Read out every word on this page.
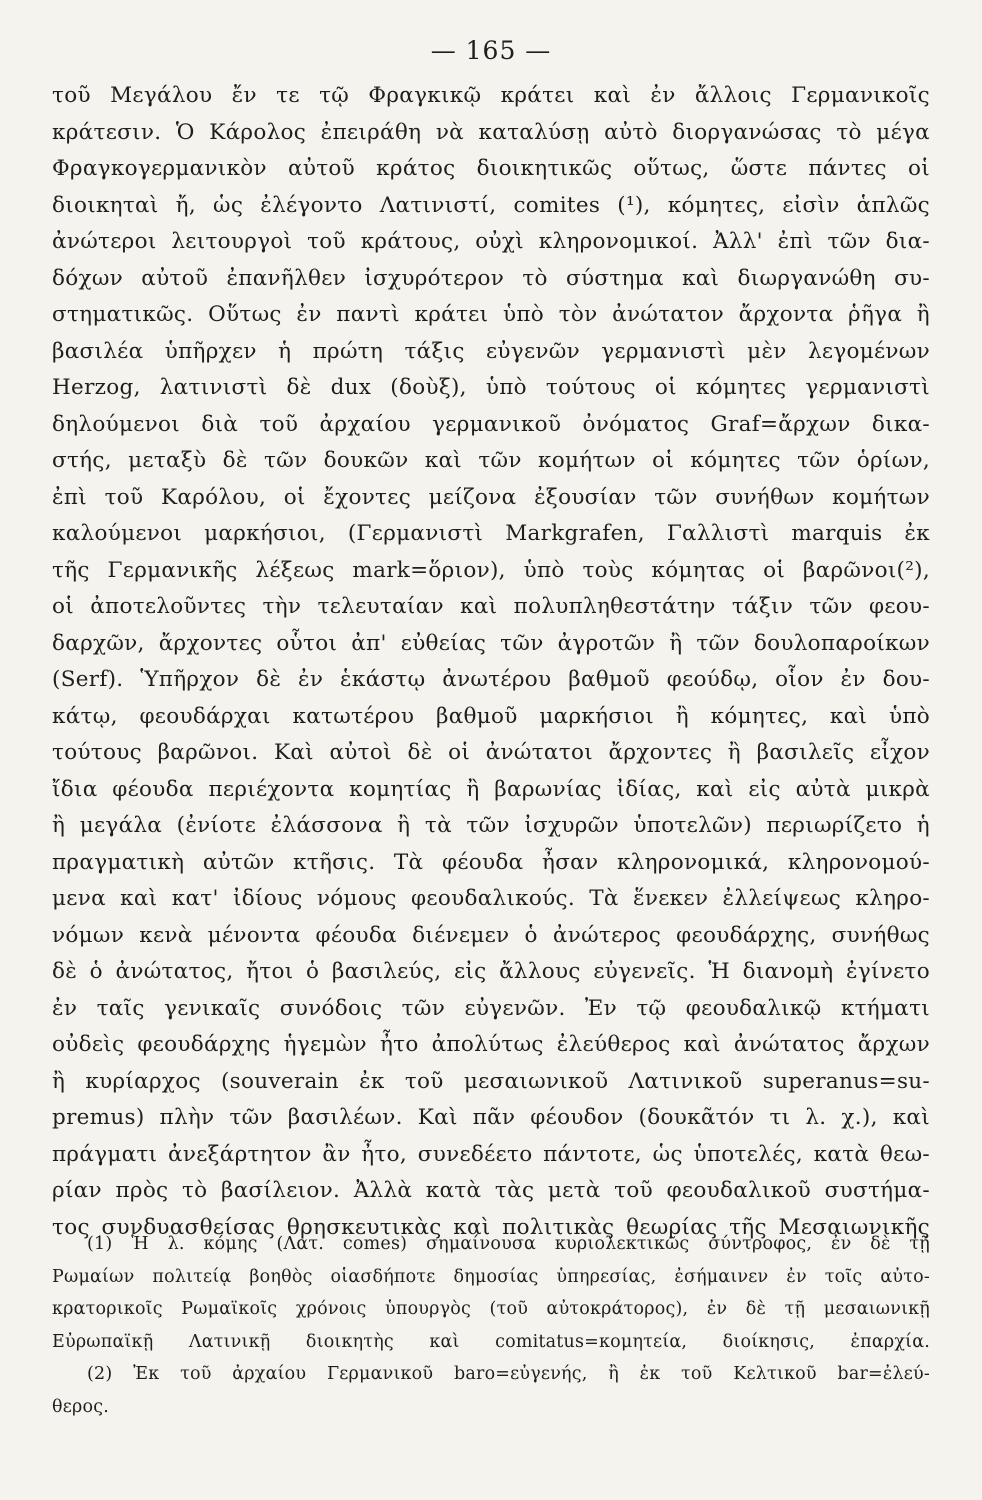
— 165 —
τοῦ Μεγάλου ἔν τε τῷ Φραγκικῷ κράτει καὶ ἐν ἄλλοις Γερμανικοῖς
κράτεσιν. Ὁ Κάρολος ἐπειράθη νὰ καταλύσῃ αὐτὸ διοργανώσας τὸ μέγα
Φραγκογερμανικὸν αὐτοῦ κράτος διοικητικῶς οὕτως, ὥστε πάντες οἱ
διοικηταὶ ἤ, ὡς ἐλέγοντο Λατινιστί, comites (¹), κόμητες, εἰσὶν ἁπλῶς
ἀνώτεροι λειτουργοὶ τοῦ κράτους, οὐχὶ κληρονομικοί. Ἀλλ' ἐπὶ τῶν δια-
δόχων αὐτοῦ ἐπανῆλθεν ἰσχυρότερον τὸ σύστημα καὶ διωργανώθη συ-
στηματικῶς. Οὕτως ἐν παντὶ κράτει ὑπὸ τὸν ἀνώτατον ἄρχοντα ῥῆγα ἢ
βασιλέα ὑπῆρχεν ἡ πρώτη τάξις εὐγενῶν γερμανιστὶ μὲν λεγομένων
Herzog, λατινιστὶ δὲ dux (δοὺξ), ὑπὸ τούτους οἱ κόμητες γερμανιστὶ
δηλούμενοι διὰ τοῦ ἀρχαίου γερμανικοῦ ὀνόματος Graf=ἄρχων δικα-
στής, μεταξὺ δὲ τῶν δουκῶν καὶ τῶν κομήτων οἱ κόμητες τῶν ὁρίων,
ἐπὶ τοῦ Καρόλου, οἱ ἔχοντες μείζονα ἐξουσίαν τῶν συνήθων κομήτων
καλούμενοι μαρκήσιοι, (Γερμανιστὶ Markgrafen, Γαλλιστὶ marquis ἐκ
τῆς Γερμανικῆς λέξεως mark=ὅριον), ὑπὸ τοὺς κόμητας οἱ βαρῶνοι(²),
οἱ ἀποτελοῦντες τὴν τελευταίαν καὶ πολυπληθεστάτην τάξιν τῶν φεου-
δαρχῶν, ἄρχοντες οὗτοι ἀπ' εὐθείας τῶν ἀγροτῶν ἢ τῶν δουλοπαροίκων
(Serf). Ὑπῆρχον δὲ ἐν ἑκάστῳ ἀνωτέρου βαθμοῦ φεούδῳ, οἷον ἐν δου-
κάτῳ, φεουδάρχαι κατωτέρου βαθμοῦ μαρκήσιοι ἢ κόμητες, καὶ ὑπὸ
τούτους βαρῶνοι. Καὶ αὐτοὶ δὲ οἱ ἀνώτατοι ἄρχοντες ἢ βασιλεῖς εἶχον
ἴδια φέουδα περιέχοντα κομητίας ἢ βαρωνίας ἰδίας, καὶ εἰς αὐτὰ μικρὰ
ἢ μεγάλα (ἐνίοτε ἐλάσσονα ἢ τὰ τῶν ἰσχυρῶν ὑποτελῶν) περιωρίζετο ἡ
πραγματικὴ αὐτῶν κτῆσις. Τὰ φέουδα ἦσαν κληρονομικά, κληρονομού-
μενα καὶ κατ' ἰδίους νόμους φεουδαλικούς. Τὰ ἕνεκεν ἐλλείψεως κληρο-
νόμων κενὰ μένοντα φέουδα διένεμεν ὁ ἀνώτερος φεουδάρχης, συνήθως
δὲ ὁ ἀνώτατος, ἤτοι ὁ βασιλεύς, εἰς ἄλλους εὐγενεῖς. Ἡ διανομὴ ἐγίνετο
ἐν ταῖς γενικαῖς συνόδοις τῶν εὐγενῶν. Ἐν τῷ φεουδαλικῷ κτήματι
οὐδεὶς φεουδάρχης ἡγεμὼν ἦτο ἀπολύτως ἐλεύθερος καὶ ἀνώτατος ἄρχων
ἢ κυρίαρχος (souverain ἐκ τοῦ μεσαιωνικοῦ Λατινικοῦ superanus=su-
premus) πλὴν τῶν βασιλέων. Καὶ πᾶν φέουδον (δουκᾶτόν τι λ. χ.), καὶ
πράγματι ἀνεξάρτητον ἂν ἦτο, συνεδέετο πάντοτε, ὡς ὑποτελές, κατὰ θεω-
ρίαν πρὸς τὸ βασίλειον. Ἀλλὰ κατὰ τὰς μετὰ τοῦ φεουδαλικοῦ συστήμα-
τος συνδυασθείσας θρησκευτικὰς καὶ πολιτικὰς θεωρίας τῆς Μεσαιωνικῆς
(1) Ἡ λ. κόμης (Λατ. comes) σημαίνουσα κυριολεκτικῶς σύντροφος, ἐν δὲ τῇ
Ρωμαίων πολιτείᾳ βοηθὸς οἱασδήποτε δημοσίας ὑπηρεσίας, ἐσήμαινεν ἐν τοῖς αὐτο-
κρατορικοῖς Ρωμαϊκοῖς χρόνοις ὑπουργὸς (τοῦ αὐτοκράτορος), ἐν δὲ τῇ μεσαιωνικῇ
Εὐρωπαϊκῇ Λατινικῇ διοικητὴς καὶ comitatus=κομητεία, διοίκησις, ἐπαρχία.
(2) Ἐκ τοῦ ἀρχαίου Γερμανικοῦ baro=εὐγενής, ἢ ἐκ τοῦ Κελτικοῦ bar=ἐλεύ-
θερος.
